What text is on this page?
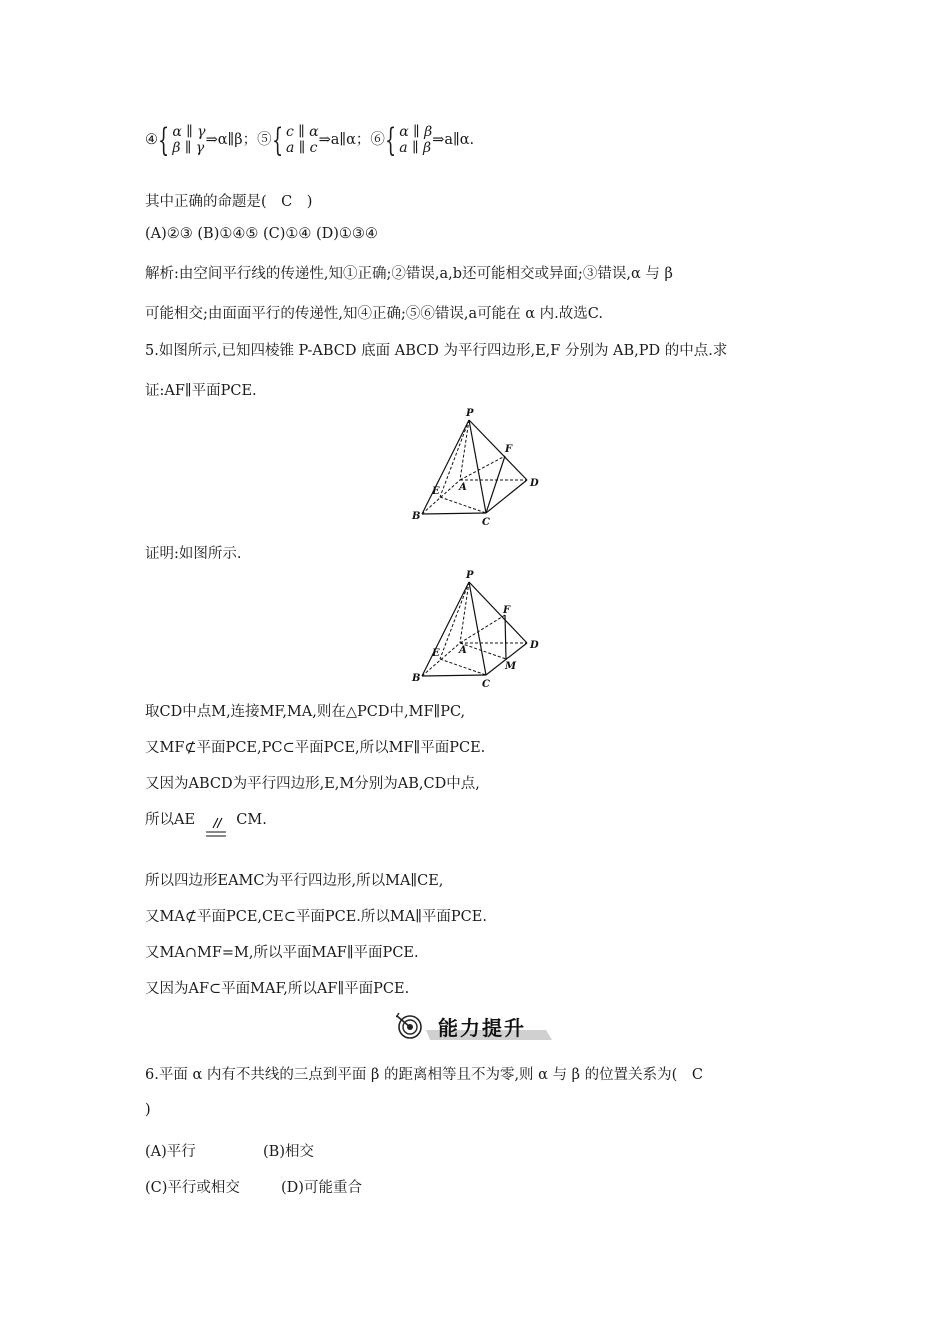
④{ α ∥ γ
β ∥ γ ⇒α∥β；⑤{ c ∥ α
a ∥ c ⇒a∥α；⑥{ α ∥ β
a ∥ β ⇒a∥α.
其中正确的命题是(　C　)
(A)②③ (B)①④⑤ (C)①④ (D)①③④
解析:由空间平行线的传递性,知①正确;②错误,a,b还可能相交或异面;③错误,α 与 β
可能相交;由面面平行的传递性,知④正确;⑤⑥错误,a可能在 α 内.故选C.
5.如图所示,已知四棱锥 P-ABCD 底面 ABCD 为平行四边形,E,F 分别为 AB,PD 的中点.求
证:AF∥平面PCE.
P
F
A	D
E
B
C
证明:如图所示.
P
F
A	D
E
M
B
C
取CD中点M,连接MF,MA,则在△PCD中,MF∥PC,
又MF⊄平面PCE,PC⊂平面PCE,所以MF∥平面PCE.
又因为ABCD为平行四边形,E,M分别为AB,CD中点,
所以AE	CM.
所以四边形EAMC为平行四边形,所以MA∥CE,
又MA⊄平面PCE,CE⊂平面PCE.所以MA∥平面PCE.
又MA∩MF=M,所以平面MAF∥平面PCE.
又因为AF⊂平面MAF,所以AF∥平面PCE.
能力提升
6.平面 α 内有不共线的三点到平面 β 的距离相等且不为零,则 α 与 β 的位置关系为(　C
)
(A)平行	(B)相交
(C)平行或相交	(D)可能重合
